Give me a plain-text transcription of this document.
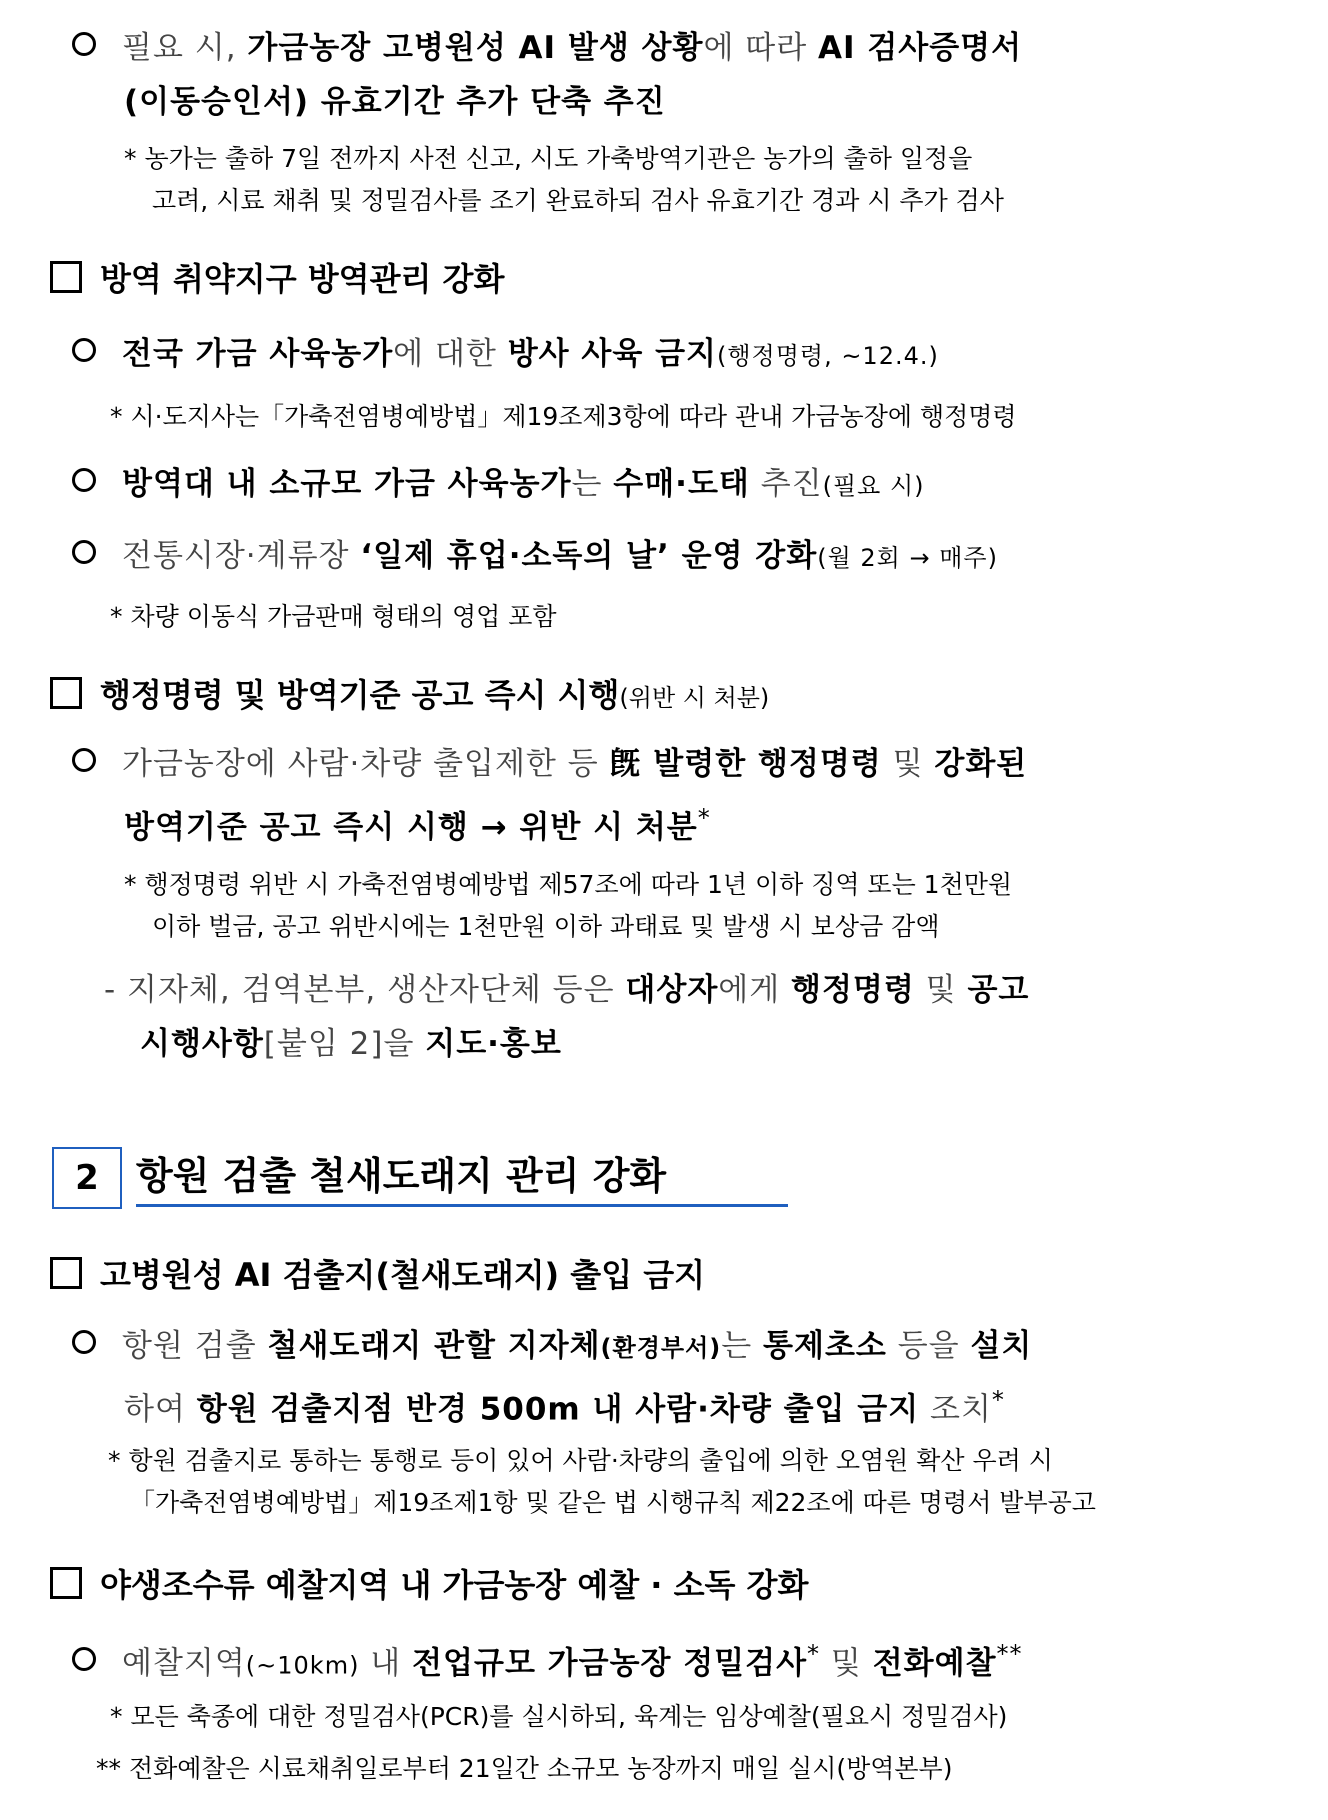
필요 시, 가금농장 고병원성 AI 발생 상황에 따라 AI 검사증명서
(이동승인서) 유효기간 추가 단축 추진
* 농가는 출하 7일 전까지 사전 신고, 시도 가축방역기관은 농가의 출하 일정을
고려, 시료 채취 및 정밀검사를 조기 완료하되 검사 유효기간 경과 시 추가 검사
방역 취약지구 방역관리 강화
전국 가금 사육농가에 대한 방사 사육 금지(행정명령, ~12.4.)
* 시·도지사는「가축전염병예방법」제19조제3항에 따라 관내 가금농장에 행정명령
방역대 내 소규모 가금 사육농가는 수매·도태 추진(필요 시)
전통시장·계류장 ‘일제 휴업·소독의 날’ 운영 강화(월 2회 → 매주)
* 차량 이동식 가금판매 형태의 영업 포함
행정명령 및 방역기준 공고 즉시 시행(위반 시 처분)
가금농장에 사람·차량 출입제한 등 旣 발령한 행정명령 및 강화된
방역기준 공고 즉시 시행 → 위반 시 처분*
* 행정명령 위반 시 가축전염병예방법 제57조에 따라 1년 이하 징역 또는 1천만원
이하 벌금, 공고 위반시에는 1천만원 이하 과태료 및 발생 시 보상금 감액
- 지자체, 검역본부, 생산자단체 등은 대상자에게 행정명령 및 공고
시행사항[붙임 2]을 지도·홍보
2 항원 검출 철새도래지 관리 강화
고병원성 AI 검출지(철새도래지) 출입 금지
항원 검출 철새도래지 관할 지자체(환경부서)는 통제초소 등을 설치
하여 항원 검출지점 반경 500m 내 사람·차량 출입 금지 조치*
* 항원 검출지로 통하는 통행로 등이 있어 사람·차량의 출입에 의한 오염원 확산 우려 시
「가축전염병예방법」제19조제1항 및 같은 법 시행규칙 제22조에 따른 명령서 발부공고
야생조수류 예찰지역 내 가금농장 예찰 · 소독 강화
예찰지역(~10km) 내 전업규모 가금농장 정밀검사* 및 전화예찰**
* 모든 축종에 대한 정밀검사(PCR)를 실시하되, 육계는 임상예찰(필요시 정밀검사)
** 전화예찰은 시료채취일로부터 21일간 소규모 농장까지 매일 실시(방역본부)
